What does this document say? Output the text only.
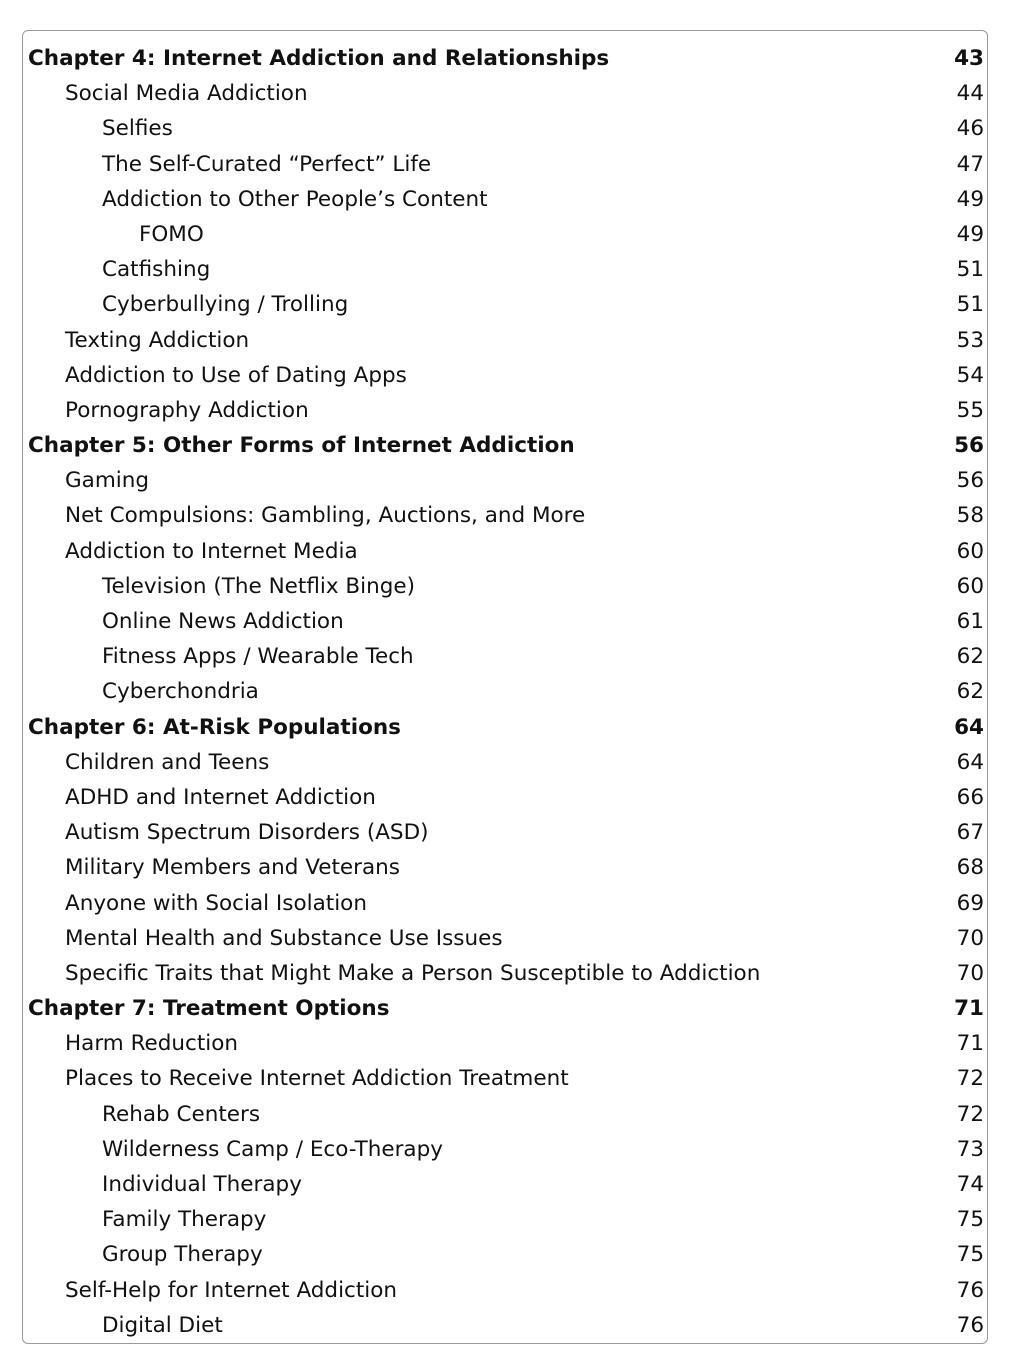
Chapter 4: Internet Addiction and Relationships	43
Social Media Addiction	44
Selfies	46
The Self-Curated “Perfect” Life	47
Addiction to Other People’s Content	49
FOMO	49
Catfishing	51
Cyberbullying / Trolling	51
Texting Addiction	53
Addiction to Use of Dating Apps	54
Pornography Addiction	55
Chapter 5: Other Forms of Internet Addiction	56
Gaming	56
Net Compulsions: Gambling, Auctions, and More	58
Addiction to Internet Media	60
Television (The Netflix Binge)	60
Online News Addiction	61
Fitness Apps / Wearable Tech	62
Cyberchondria	62
Chapter 6: At-Risk Populations	64
Children and Teens	64
ADHD and Internet Addiction	66
Autism Spectrum Disorders (ASD)	67
Military Members and Veterans	68
Anyone with Social Isolation	69
Mental Health and Substance Use Issues	70
Specific Traits that Might Make a Person Susceptible to Addiction	70
Chapter 7: Treatment Options	71
Harm Reduction	71
Places to Receive Internet Addiction Treatment	72
Rehab Centers	72
Wilderness Camp / Eco-Therapy	73
Individual Therapy	74
Family Therapy	75
Group Therapy	75
Self-Help for Internet Addiction	76
Digital Diet	76
